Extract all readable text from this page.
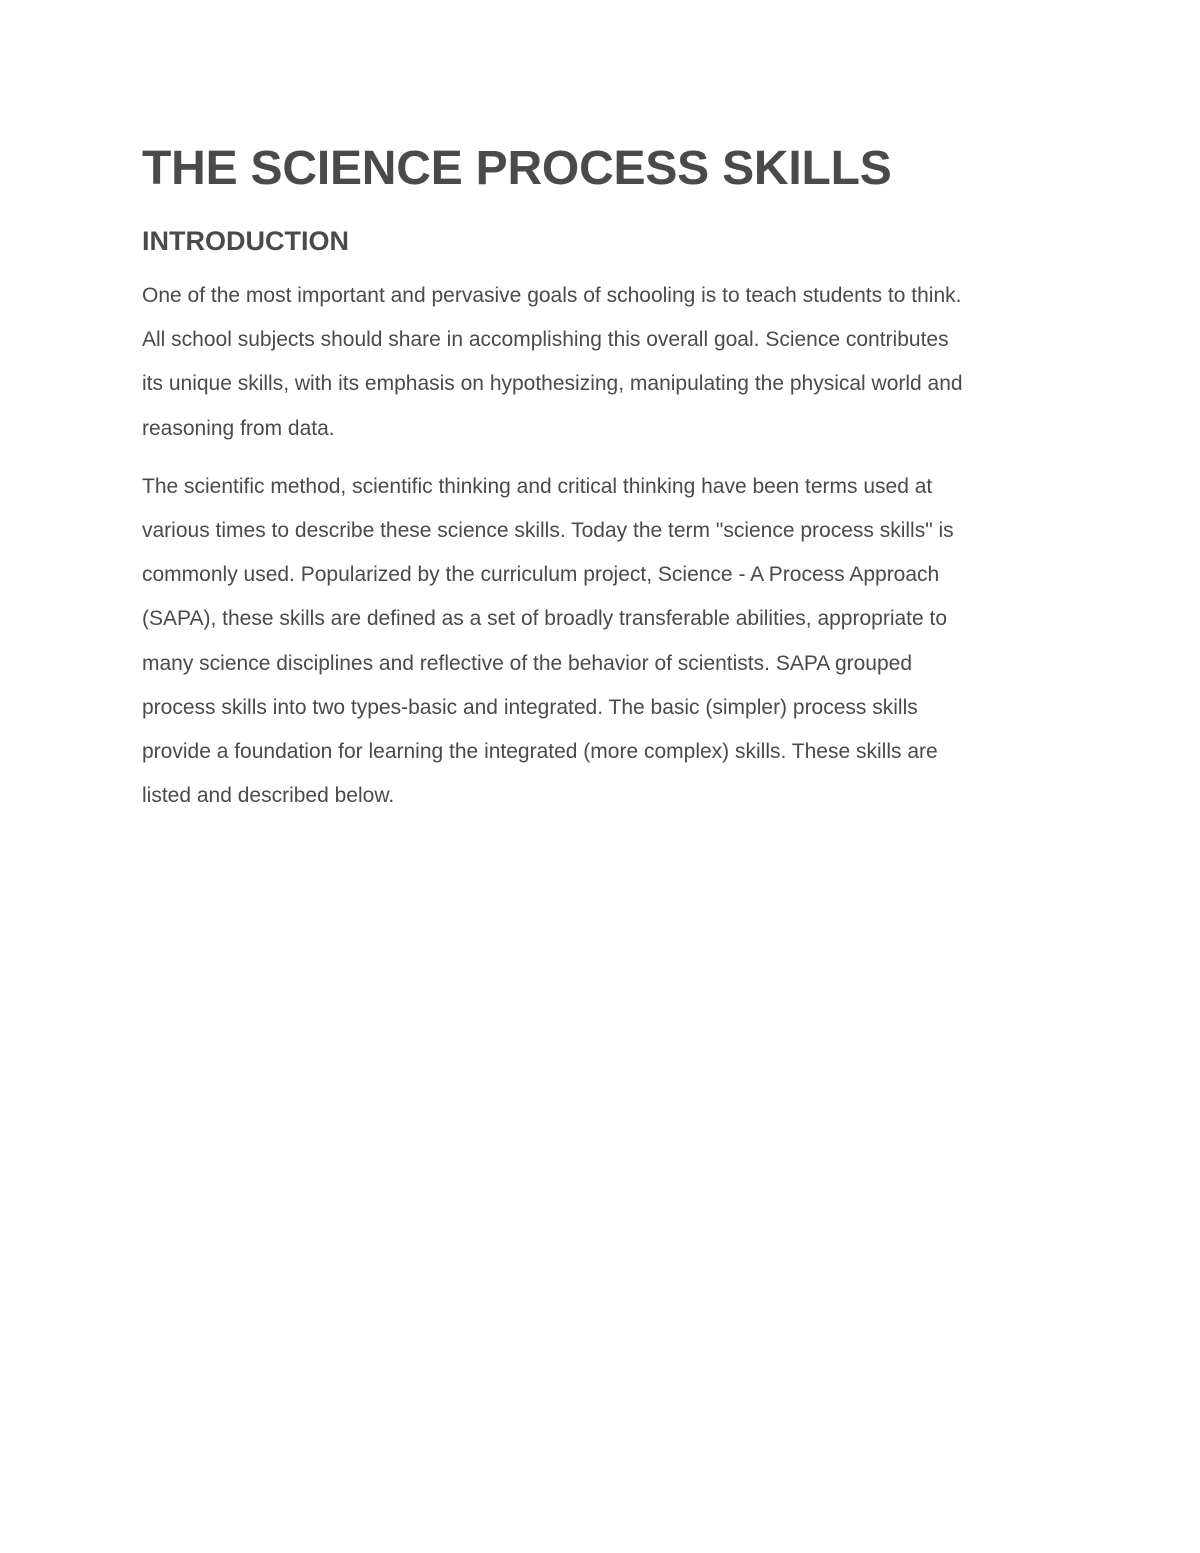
THE SCIENCE PROCESS SKILLS
INTRODUCTION

One of the most important and pervasive goals of schooling is to teach students to think.
All school subjects should share in accomplishing this overall goal. Science contributes
its unique skills, with its emphasis on hypothesizing, manipulating the physical world and
reasoning from data.

The scientific method, scientific thinking and critical thinking have been terms used at
various times to describe these science skills. Today the term "science process skills" is
commonly used. Popularized by the curriculum project, Science - A Process Approach
(SAPA), these skills are defined as a set of broadly transferable abilities, appropriate to
many science disciplines and reflective of the behavior of scientists. SAPA grouped
process skills into two types-basic and integrated. The basic (simpler) process skills
provide a foundation for learning the integrated (more complex) skills. These skills are
listed and described below.
